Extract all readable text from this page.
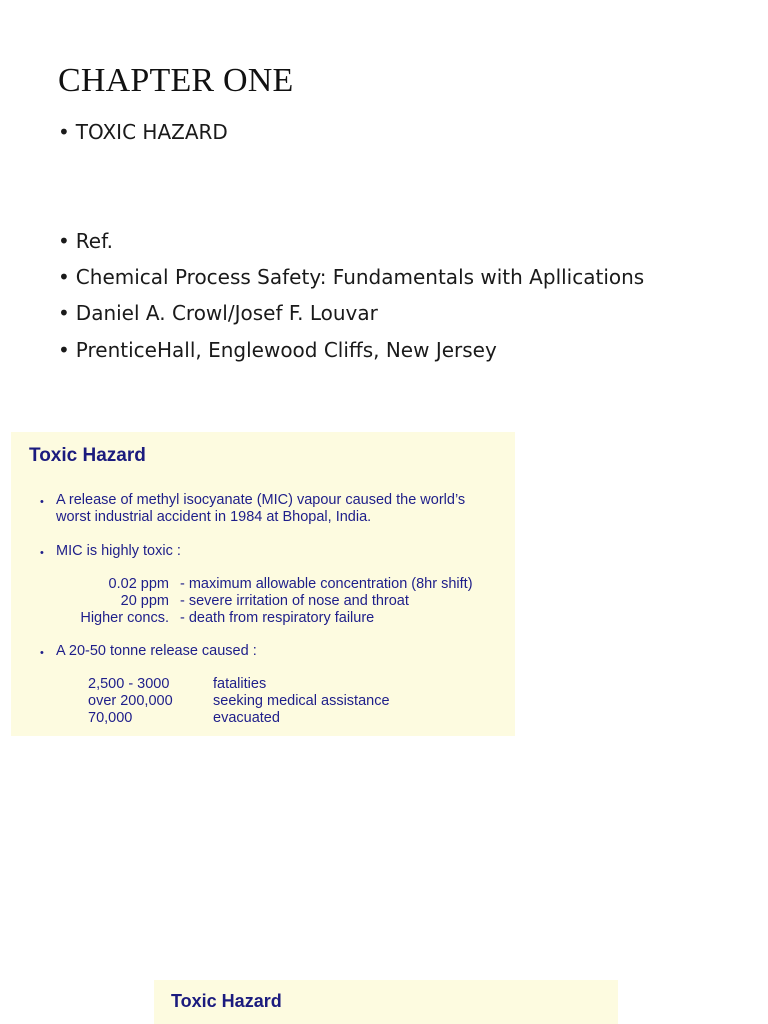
CHAPTER ONE
• TOXIC HAZARD
• Ref.
• Chemical Process Safety: Fundamentals with Apllications
• Daniel A. Crowl/Josef F. Louvar
• PrenticeHall, Englewood Cliffs, New Jersey
Toxic Hazard
• A release of methyl isocyanate (MIC) vapour caused the world’s
worst industrial accident in 1984 at Bhopal, India.
• MIC is highly toxic :
0.02 ppm - maximum allowable concentration (8hr shift)
20 ppm - severe irritation of nose and throat
Higher concs. - death from respiratory failure
• A 20-50 tonne release caused :
2,500 - 3000	fatalities
over 200,000	seeking medical assistance
70,000	evacuated
Toxic Hazard
